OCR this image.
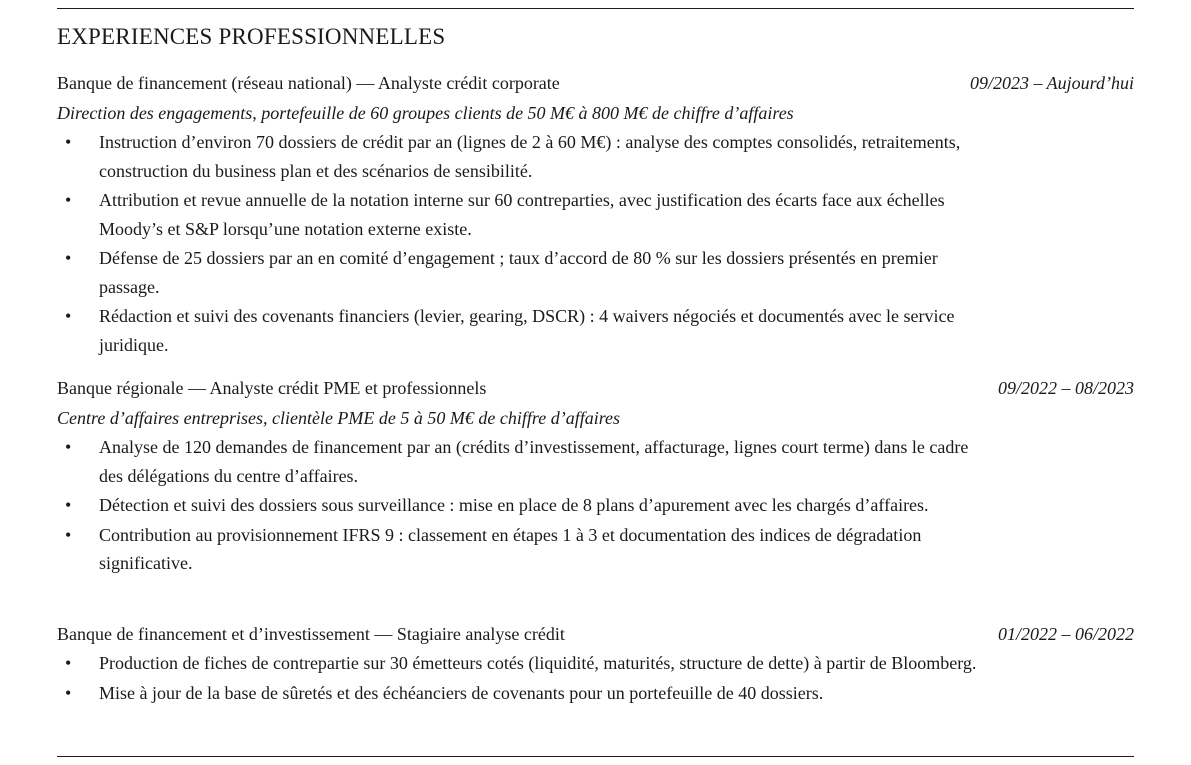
EXPERIENCES PROFESSIONNELLES
Banque de financement (réseau national) — Analyste crédit corporate	09/2023 – Aujourd’hui
Direction des engagements, portefeuille de 60 groupes clients de 50 M€ à 800 M€ de chiffre d’affaires
• Instruction d’environ 70 dossiers de crédit par an (lignes de 2 à 60 M€) : analyse des comptes consolidés, retraitements, construction du business plan et des scénarios de sensibilité.
• Attribution et revue annuelle de la notation interne sur 60 contreparties, avec justification des écarts face aux échelles Moody’s et S&P lorsqu’une notation externe existe.
• Défense de 25 dossiers par an en comité d’engagement ; taux d’accord de 80 % sur les dossiers présentés en premier passage.
• Rédaction et suivi des covenants financiers (levier, gearing, DSCR) : 4 waivers négociés et documentés avec le service juridique.
Banque régionale — Analyste crédit PME et professionnels	09/2022 – 08/2023
Centre d’affaires entreprises, clientèle PME de 5 à 50 M€ de chiffre d’affaires
• Analyse de 120 demandes de financement par an (crédits d’investissement, affacturage, lignes court terme) dans le cadre des délégations du centre d’affaires.
• Détection et suivi des dossiers sous surveillance : mise en place de 8 plans d’apurement avec les chargés d’affaires.
• Contribution au provisionnement IFRS 9 : classement en étapes 1 à 3 et documentation des indices de dégradation significative.
Banque de financement et d’investissement — Stagiaire analyse crédit	01/2022 – 06/2022
• Production de fiches de contrepartie sur 30 émetteurs cotés (liquidité, maturités, structure de dette) à partir de Bloomberg.
• Mise à jour de la base de sûretés et des échéanciers de covenants pour un portefeuille de 40 dossiers.
